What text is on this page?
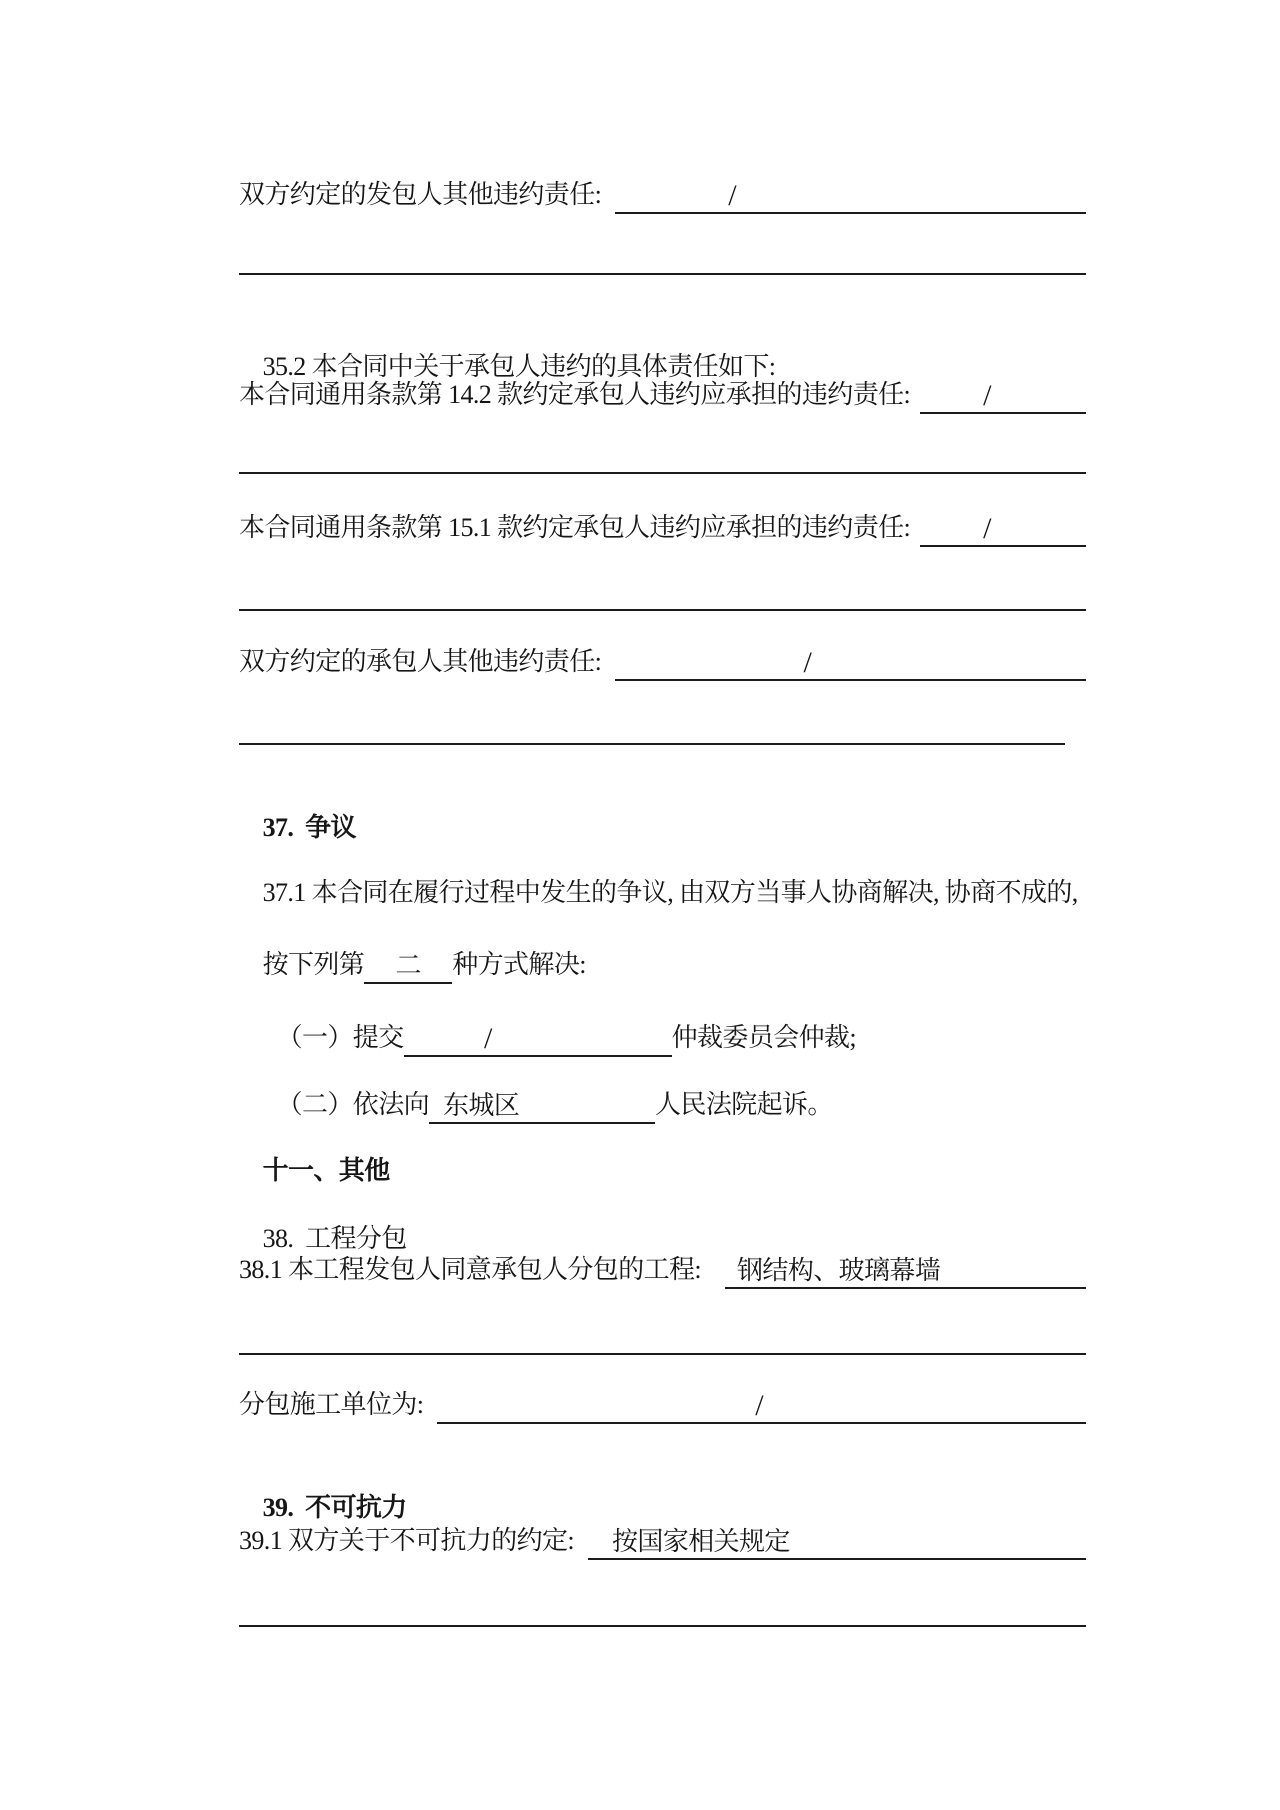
双方约定的发包人其他违约责任:	/

35.2 本合同中关于承包人违约的具体责任如下:

本合同通用条款第 14.2 款约定承包人违约应承担的违约责任: /
本合同通用条款第 15.1 款约定承包人违约应承担的违约责任: /
双方约定的承包人其他违约责任:	/

37.  争议

37.1 本合同在履行过程中发生的争议, 由双方当事人协商解决, 协商不成的,

按下列第 二 种方式解决:

（一）提交	/	仲裁委员会仲裁;

（二）依法向 东城区	人民法院起诉。

十一、其他

38.  工程分包

38.1 本工程发包人同意承包人分包的工程:	钢结构、玻璃幕墙
分包施工单位为:	/

39.  不可抗力

39.1 双方关于不可抗力的约定:	按国家相关规定
